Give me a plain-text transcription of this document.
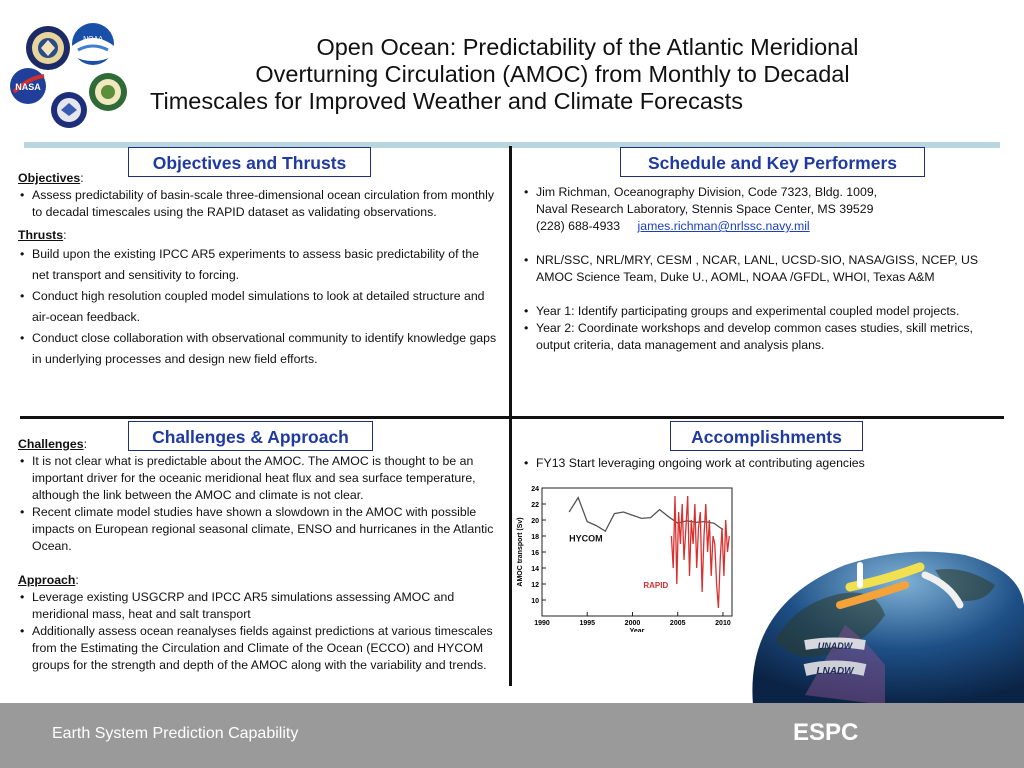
NOAA
NASA
Open Ocean: Predictability of the Atlantic Meridional
Overturning Circulation (AMOC) from Monthly to Decadal
Timescales for Improved Weather and Climate Forecasts
Objectives and Thrusts
Objectives:
• Assess predictability of basin-scale three-dimensional ocean circulation from monthly to decadal timescales using the RAPID dataset as validating observations.
Thrusts:
• Build upon the existing IPCC AR5 experiments to assess basic predictability of the net transport and sensitivity to forcing.
• Conduct high resolution coupled model simulations to look at detailed structure and air-ocean feedback.
• Conduct close collaboration with observational community to identify knowledge gaps in underlying processes and design new field efforts.
Schedule and Key Performers
• Jim Richman, Oceanography Division, Code 7323, Bldg. 1009,
Naval Research Laboratory, Stennis Space Center, MS 39529
(228) 688-4933 james.richman@nrlssc.navy.mil
• NRL/SSC, NRL/MRY, CESM , NCAR, LANL, UCSD-SIO, NASA/GISS, NCEP, US AMOC Science Team, Duke U., AOML, NOAA /GFDL, WHOI, Texas A&M
• Year 1: Identify participating groups and experimental coupled model projects.
• Year 2: Coordinate workshops and develop common cases studies, skill metrics, output criteria, data management and analysis plans.
Challenges & Approach
Challenges:
• It is not clear what is predictable about the AMOC. The AMOC is thought to be an important driver for the oceanic meridional heat flux and sea surface temperature, although the link between the AMOC and climate is not clear.
• Recent climate model studies have shown a slowdown in the AMOC with possible impacts on European regional seasonal climate, ENSO and hurricanes in the Atlantic Ocean.
Approach:
• Leverage existing USGCRP and IPCC AR5 simulations assessing AMOC and meridional mass, heat and salt transport
• Additionally assess ocean reanalyses fields against predictions at various timescales from the Estimating the Circulation and Climate of the Ocean (ECCO) and HYCOM groups for the strength and depth of the AMOC along with the variability and trends.
Accomplishments
• FY13 Start leveraging ongoing work at contributing agencies
10
12
14
16
18
20
22
24
1990	1995	2000	2005	2010
Year
AMOC transport (Sv)	HYCOM
RAPID
UNADW
LNADW
Earth System Prediction Capability	ESPC
